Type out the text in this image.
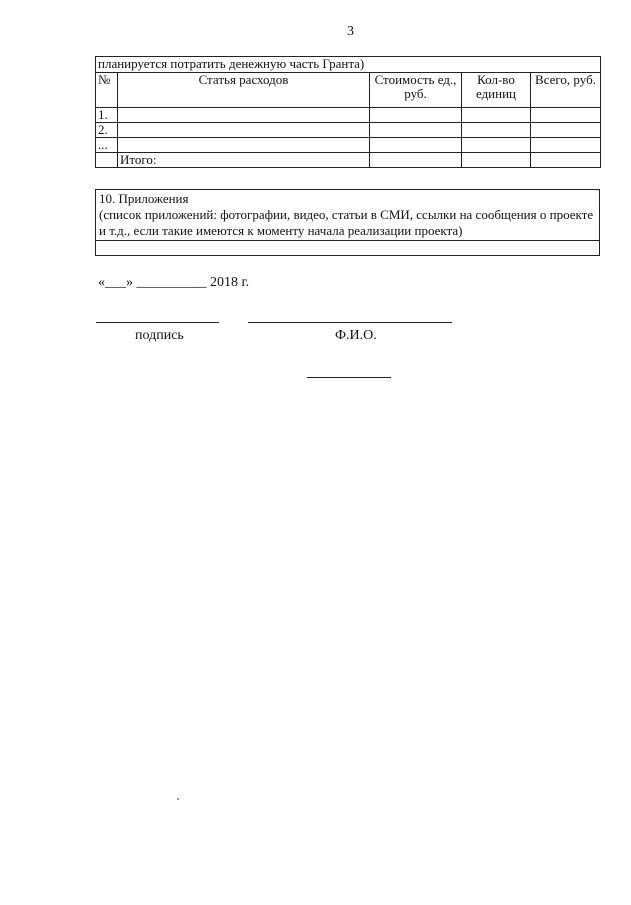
3
планируется потратить денежную часть Гранта)				
№	Статья расходов	Стоимость ед., руб.	Кол-во единиц	Всего, руб.
1.				
2.				
...				
	Итого:			
10. Приложения
(список приложений: фотографии, видео, статьи в СМИ, ссылки на сообщения о проекте и т.д., если такие имеются к моменту начала реализации проекта)

«___» __________ 2018 г.
подпись	Ф.И.О.
